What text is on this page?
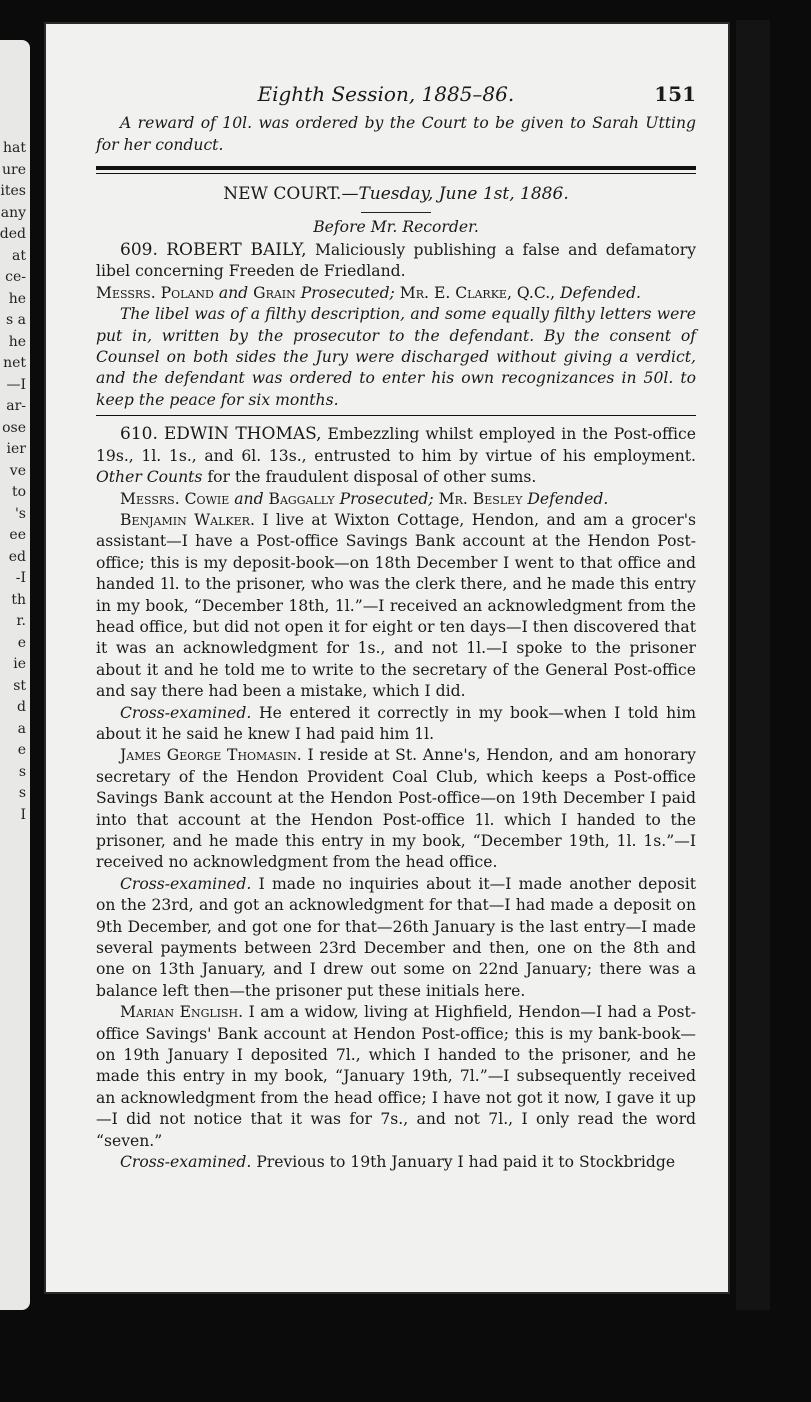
hat
ure
ites
any
ded
at
ce-
he
s a
he
net
—I
ar-
ose
ier
ve
to
's
ee
ed
-I
th
r.
e
ie
st
d
a
e
s
s
I
Eighth Session, 1885–86.	151

A reward of 10l. was ordered by the Court to be given to Sarah Utting for her conduct.

NEW COURT.—Tuesday, June 1st, 1886.
Before Mr. Recorder.

609. ROBERT BAILY, Maliciously publishing a false and defamatory libel concerning Freeden de Friedland.

Messrs. Poland and Grain Prosecuted; Mr. E. Clarke, Q.C., Defended.

The libel was of a filthy description, and some equally filthy letters were put in, written by the prosecutor to the defendant. By the consent of Counsel on both sides the Jury were discharged without giving a verdict, and the defendant was ordered to enter his own recognizances in 50l. to keep the peace for six months.

610. EDWIN THOMAS, Embezzling whilst employed in the Post-office 19s., 1l. 1s., and 6l. 13s., entrusted to him by virtue of his employment. Other Counts for the fraudulent disposal of other sums.

Messrs. Cowie and Baggally Prosecuted; Mr. Besley Defended.

Benjamin Walker. I live at Wixton Cottage, Hendon, and am a grocer's assistant—I have a Post-office Savings Bank account at the Hendon Post-office; this is my deposit-book—on 18th December I went to that office and handed 1l. to the prisoner, who was the clerk there, and he made this entry in my book, “December 18th, 1l.”—I received an acknowledgment from the head office, but did not open it for eight or ten days—I then discovered that it was an acknowledgment for 1s., and not 1l.—I spoke to the prisoner about it and he told me to write to the secretary of the General Post-office and say there had been a mistake, which I did.

Cross-examined. He entered it correctly in my book—when I told him about it he said he knew I had paid him 1l.

James George Thomasin. I reside at St. Anne's, Hendon, and am honorary secretary of the Hendon Provident Coal Club, which keeps a Post-office Savings Bank account at the Hendon Post-office—on 19th December I paid into that account at the Hendon Post-office 1l. which I handed to the prisoner, and he made this entry in my book, “December 19th, 1l. 1s.”—I received no acknowledgment from the head office.

Cross-examined. I made no inquiries about it—I made another deposit on the 23rd, and got an acknowledgment for that—I had made a deposit on 9th December, and got one for that—26th January is the last entry—I made several payments between 23rd December and then, one on the 8th and one on 13th January, and I drew out some on 22nd January; there was a balance left then—the prisoner put these initials here.

Marian English. I am a widow, living at Highfield, Hendon—I had a Post-office Savings' Bank account at Hendon Post-office; this is my bank-book—on 19th January I deposited 7l., which I handed to the prisoner, and he made this entry in my book, “January 19th, 7l.”—I subsequently received an acknowledgment from the head office; I have not got it now, I gave it up—I did not notice that it was for 7s., and not 7l., I only read the word “seven.”

Cross-examined. Previous to 19th January I had paid it to Stockbridge
